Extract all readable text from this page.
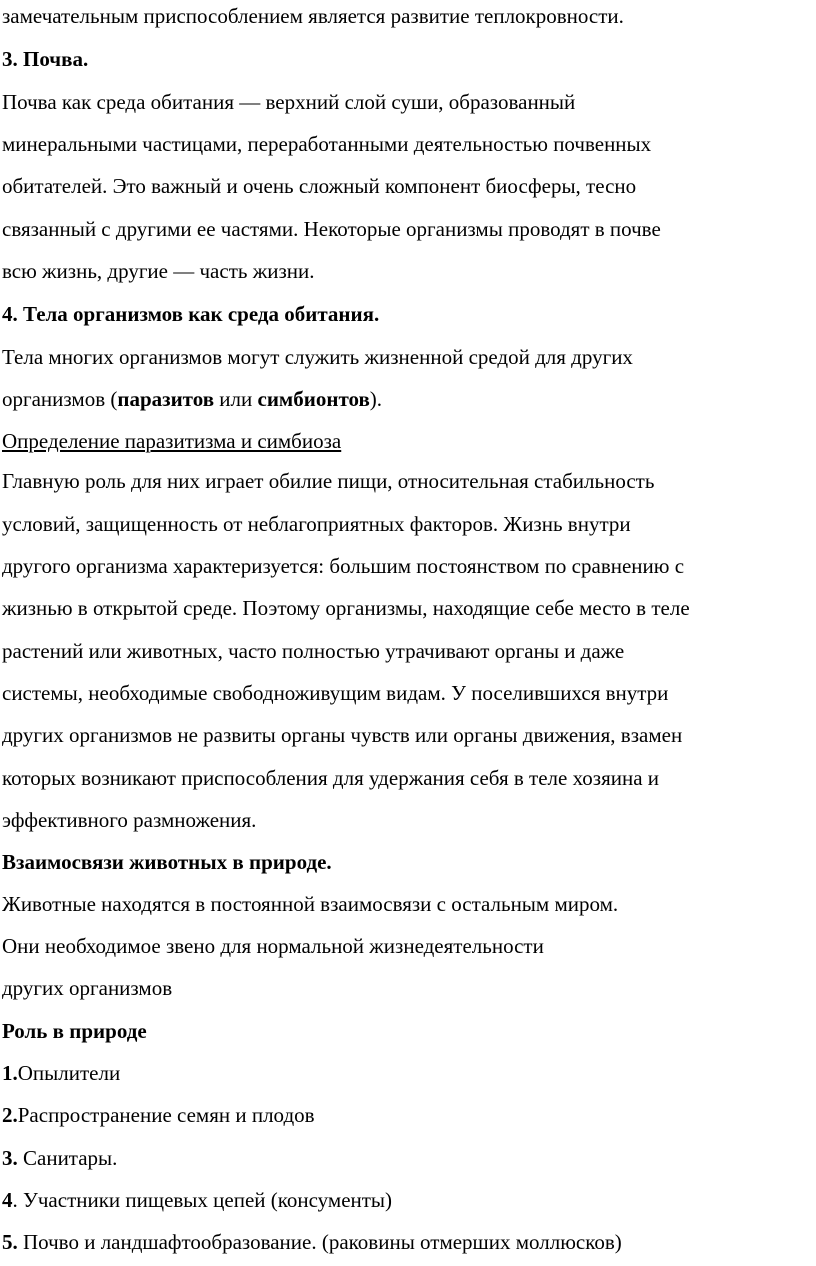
замечательным приспособлением является развитие теплокровности.
3. Почва.
Почва как среда обитания — верхний слой суши, образованный
минеральными частицами, переработанными деятельностью почвенных
обитателей. Это важный и очень сложный компонент биосферы, тесно
связанный с другими ее частями. Некоторые организмы проводят в почве
всю жизнь, другие — часть жизни.
4. Тела организмов как среда обитания.
Тела многих организмов могут служить жизненной средой для других
организмов (паразитов или симбионтов).
Определение паразитизма и симбиоза
Главную роль для них играет обилие пищи, относительная стабильность
условий, защищенность от неблагоприятных факторов. Жизнь внутри
другого организма характеризуется: большим постоянством по сравнению с
жизнью в открытой среде. Поэтому организмы, находящие себе место в теле
растений или животных, часто полностью утрачивают органы и даже
системы, необходимые свободноживущим видам. У поселившихся внутри
других организмов не развиты органы чувств или органы движения, взамен
которых возникают приспособления для удержания себя в теле хозяина и
эффективного размножения.
Взаимосвязи животных в природе.
Животные находятся в постоянной взаимосвязи с остальным миром.
Они необходимое звено для нормальной жизнедеятельности
других организмов
Роль в природе
1.Опылители
2.Распространение семян и плодов
3. Санитары.
4. Участники пищевых цепей (консументы)
5. Почво и ландшафтообразование. (раковины отмерших моллюсков)
